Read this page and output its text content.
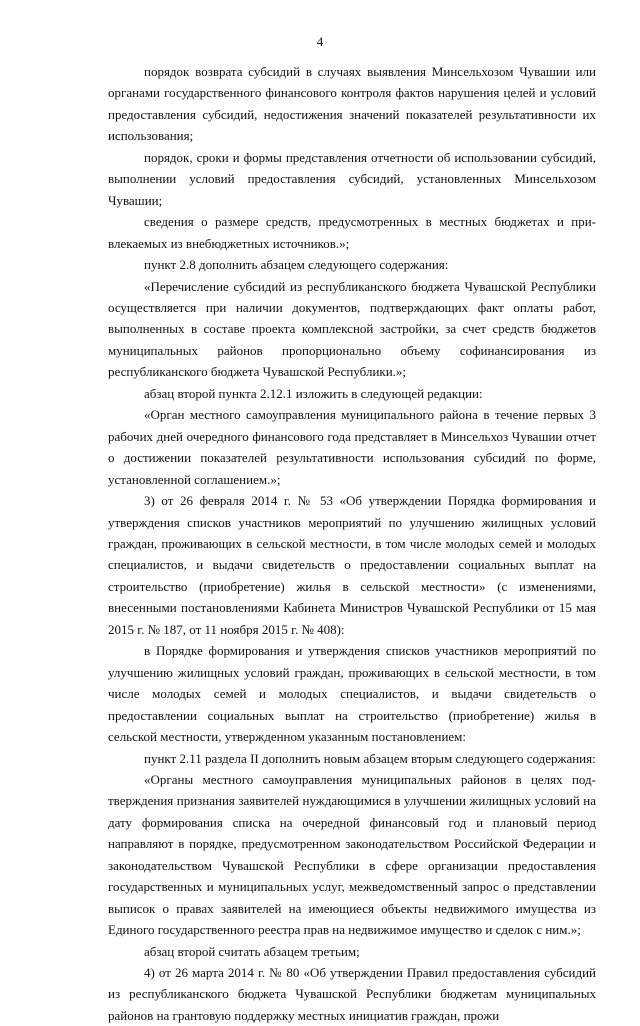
4

порядок возврата субсидий в случаях выявления Минсельхозом Чувашии или органами государственного финансового контроля фактов нарушения целей и условий предоставления субсидий, недостижения значений показателей результативности их использования;

порядок, сроки и формы представления отчетности об использовании субсидий, выполнении условий предоставления субсидий, установленных Минсельхозом Чувашии;

сведения о размере средств, предусмотренных в местных бюджетах и привлекаемых из внебюджетных источников.»;

пункт 2.8 дополнить абзацем следующего содержания:

«Перечисление субсидий из республиканского бюджета Чувашской Республики осуществляется при наличии документов, подтверждающих факт оплаты работ, выполненных в составе проекта комплексной застройки, за счет средств бюджетов муниципальных районов пропорционально объему софинансирования из республиканского бюджета Чувашской Республики.»;

абзац второй пункта 2.12.1 изложить в следующей редакции:

«Орган местного самоуправления муниципального района в течение первых 3 рабочих дней очередного финансового года представляет в Минсельхоз Чувашии отчет о достижении показателей результативности использования субсидий по форме, установленной соглашением.»;

3) от 26 февраля 2014 г. № 53 «Об утверждении Порядка формирования и утверждения списков участников мероприятий по улучшению жилищных условий граждан, проживающих в сельской местности, в том числе молодых семей и молодых специалистов, и выдачи свидетельств о предоставлении социальных выплат на строительство (приобретение) жилья в сельской местности» (с изменениями, внесенными постановлениями Кабинета Министров Чувашской Республики от 15 мая 2015 г. № 187, от 11 ноября 2015 г. № 408):

в Порядке формирования и утверждения списков участников мероприятий по улучшению жилищных условий граждан, проживающих в сельской местности, в том числе молодых семей и молодых специалистов, и выдачи свидетельств о предоставлении социальных выплат на строительство (приобретение) жилья в сельской местности, утвержденном указанным постановлением:

пункт 2.11 раздела II дополнить новым абзацем вторым следующего содержания:

«Органы местного самоуправления муниципальных районов в целях подтверждения признания заявителей нуждающимися в улучшении жилищных условий на дату формирования списка на очередной финансовый год и плановый период направляют в порядке, предусмотренном законодательством Российской Федерации и законодательством Чувашской Республики в сфере организации предоставления государственных и муниципальных услуг, межведомственный запрос о представлении выписок о правах заявителей на имеющиеся объекты недвижимого имущества из Единого государственного реестра прав на недвижимое имущество и сделок с ним.»;

абзац второй считать абзацем третьим;

4) от 26 марта 2014 г. № 80 «Об утверждении Правил предоставления субсидий из республиканского бюджета Чувашской Республики бюджетам муниципальных районов на грантовую поддержку местных инициатив граждан, прожи
